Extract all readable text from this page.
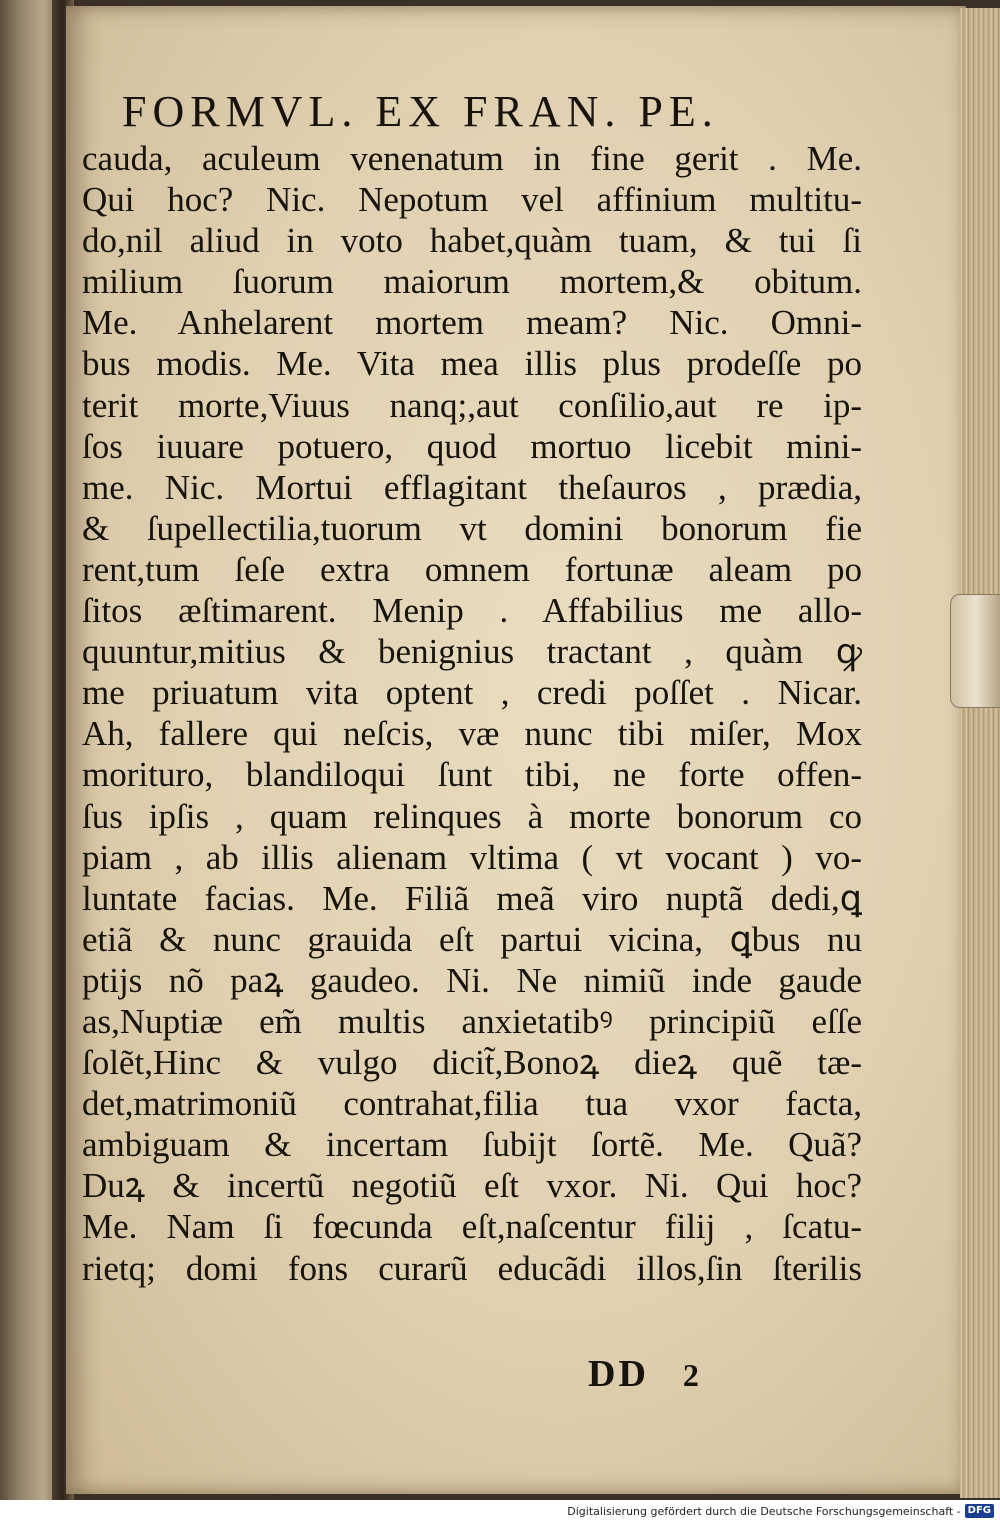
FORMVL. EX FRAN. PE.
cauda, aculeum venenatum in fine gerit . Me.
Qui hoc? Nic. Nepotum vel affinium multitu-
do,nil aliud in voto habet,quàm tuam, & tui ſi
milium ſuorum maiorum mortem,& obitum.
Me. Anhelarent mortem meam? Nic. Omni-
bus modis. Me. Vita mea illis plus prodeſſe po
terit morte,Viuus nanq;,aut conſilio,aut re ip-
ſos iuuare potuero, quod mortuo licebit mini-
me. Nic. Mortui efflagitant theſauros , prædia,
& ſupellectilia,tuorum vt domini bonorum fie
rent,tum ſeſe extra omnem fortunæ aleam po
ſitos æſtimarent. Menip . Affabilius me allo-
quuntur,mitius & benignius tractant , quàm ꝙ
me priuatum vita optent , credi poſſet . Nicar.
Ah, fallere qui neſcis, væ nunc tibi miſer, Mox
morituro, blandiloqui ſunt tibi, ne forte offen-
ſus ipſis , quam relinques à morte bonorum co
piam , ab illis alienam vltima ( vt vocant ) vo-
luntate facias. Me. Filiã meã viro nuptã dedi,ꝗ
etiã & nunc grauida eſt partui vicina, ꝗbus nu
ptijs nõ paꝝ gaudeo. Ni. Ne nimiũ inde gaude
as,Nuptiæ em̃ multis anxietatibꝰ principiũ eſſe
ſolẽt,Hinc & vulgo dicit̃,Bonoꝝ dieꝝ quẽ tæ-
det,matrimoniũ contrahat,filia tua vxor facta,
ambiguam & incertam ſubijt ſortẽ. Me. Quã?
Duꝝ & incertũ negotiũ eſt vxor. Ni. Qui hoc?
Me. Nam ſi fœcunda eſt,naſcentur filij , ſcatu-
rietq; domi fons curarũ educãdi illos,ſin ſterilis
DD 2
Digitalisierung gefördert durch die Deutsche Forschungsgemeinschaft - DFG
